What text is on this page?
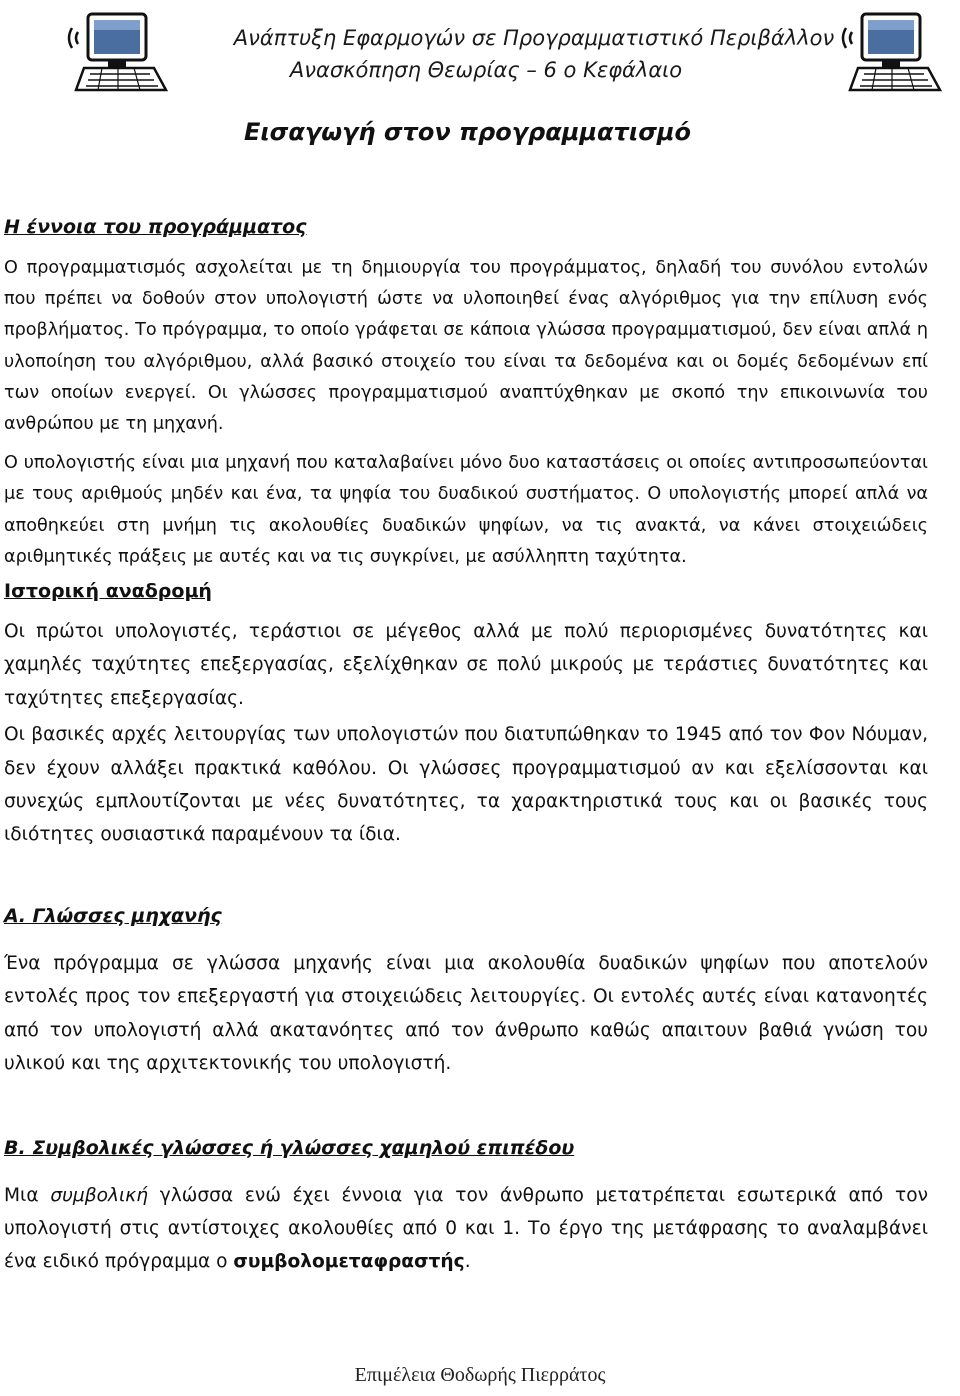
Ανάπτυξη Εφαρμογών σε Προγραμματιστικό Περιβάλλον
Ανασκόπηση Θεωρίας – 6 ο Κεφάλαιο
Εισαγωγή στον προγραμματισμό
Η έννοια του προγράμματος

Ο προγραμματισμός ασχολείται με τη δημιουργία του προγράμματος, δηλαδή του συνόλου εντολών που πρέπει να δοθούν στον υπολογιστή ώστε να υλοποιηθεί ένας αλγόριθμος για την επίλυση ενός προβλήματος. Το πρόγραμμα, το οποίο γράφεται σε κάποια γλώσσα προγραμματισμού, δεν είναι απλά η υλοποίηση του αλγόριθμου, αλλά βασικό στοιχείο του είναι τα δεδομένα και οι δομές δεδομένων επί των οποίων ενεργεί. Οι γλώσσες προγραμματισμού αναπτύχθηκαν με σκοπό την επικοινωνία του ανθρώπου με τη μηχανή.

Ο υπολογιστής είναι μια μηχανή που καταλαβαίνει μόνο δυο καταστάσεις οι οποίες αντιπροσωπεύονται με τους αριθμούς μηδέν και ένα, τα ψηφία του δυαδικού συστήματος. Ο υπολογιστής μπορεί απλά να αποθηκεύει στη μνήμη τις ακολουθίες δυαδικών ψηφίων, να τις ανακτά, να κάνει στοιχειώδεις αριθμητικές πράξεις με αυτές και να τις συγκρίνει, με ασύλληπτη ταχύτητα.

Ιστορική αναδρομή

Οι πρώτοι υπολογιστές, τεράστιοι σε μέγεθος αλλά με πολύ περιορισμένες δυνατότητες και χαμηλές ταχύτητες επεξεργασίας, εξελίχθηκαν σε πολύ μικρούς με τεράστιες δυνατότητες και ταχύτητες επεξεργασίας.

Οι βασικές αρχές λειτουργίας των υπολογιστών που διατυπώθηκαν το 1945 από τον Φον Νόυμαν, δεν έχουν αλλάξει πρακτικά καθόλου. Οι γλώσσες προγραμματισμού αν και εξελίσσονται και συνεχώς εμπλουτίζονται με νέες δυνατότητες, τα χαρακτηριστικά τους και οι βασικές τους ιδιότητες ουσιαστικά παραμένουν τα ίδια.

Α. Γλώσσες μηχανής

Ένα πρόγραμμα σε γλώσσα μηχανής είναι μια ακολουθία δυαδικών ψηφίων που αποτελούν εντολές προς τον επεξεργαστή για στοιχειώδεις λειτουργίες. Οι εντολές αυτές είναι κατανοητές από τον υπολογιστή αλλά ακατανόητες από τον άνθρωπο καθώς απαιτουν βαθιά γνώση του υλικού και της αρχιτεκτονικής του υπολογιστή.

Β. Συμβολικές γλώσσες ή γλώσσες χαμηλού επιπέδου

Μια συμβολική γλώσσα ενώ έχει έννοια για τον άνθρωπο μετατρέπεται εσωτερικά από τον υπολογιστή στις αντίστοιχες ακολουθίες από 0 και 1. Το έργο της μετάφρασης το αναλαμβάνει ένα ειδικό πρόγραμμα ο συμβολομεταφραστής.

Επιμέλεια Θοδωρής Πιερράτος
